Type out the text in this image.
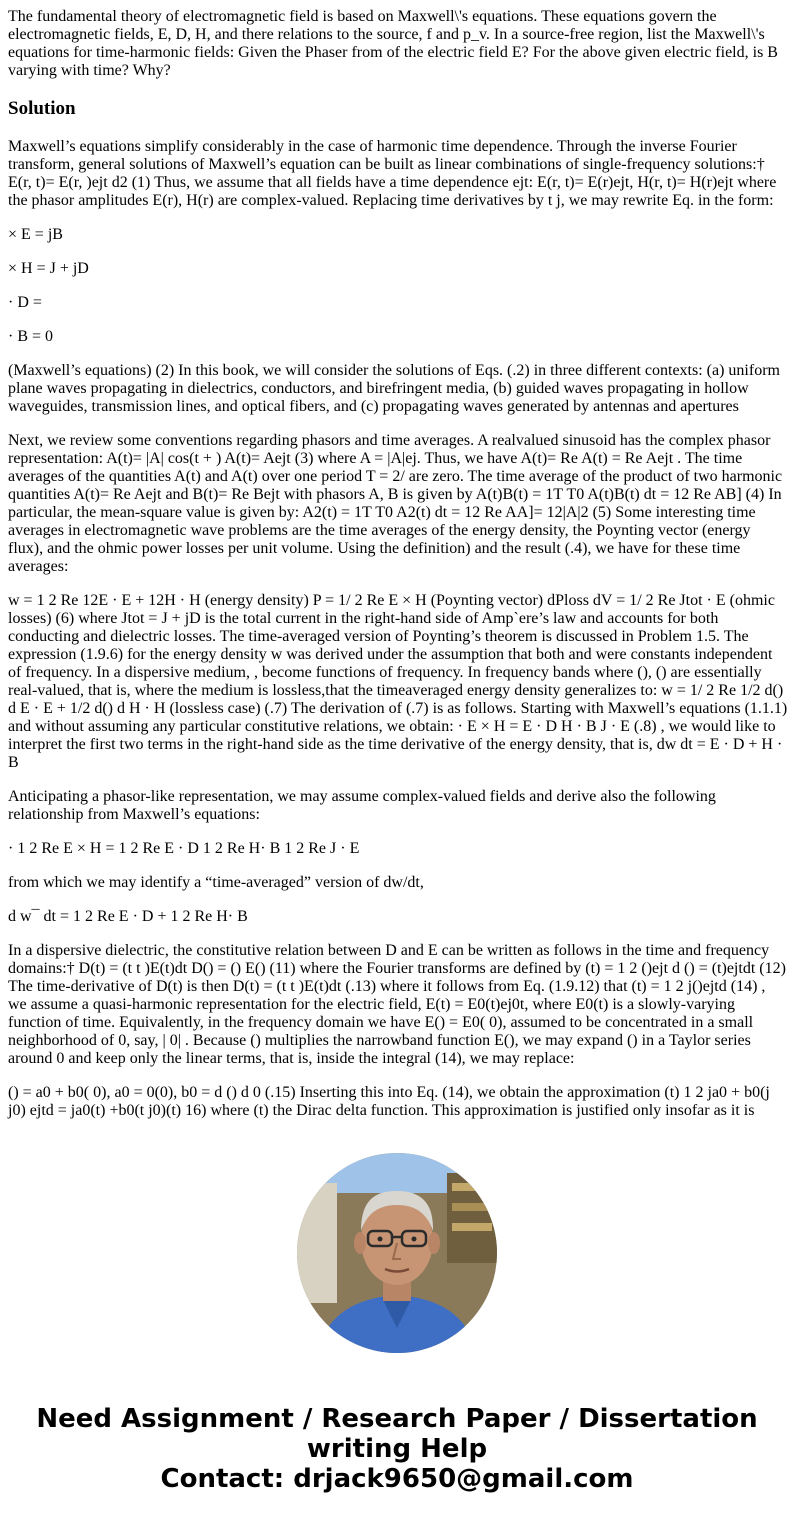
The fundamental theory of electromagnetic field is based on Maxwell\'s equations. These equations govern the electromagnetic fields, E, D, H, and there relations to the source, f and p_v. In a source-free region, list the Maxwell\'s equations for time-harmonic fields: Given the Phaser from of the electric field E? For the above given electric field, is B varying with time? Why?

Solution

Maxwell’s equations simplify considerably in the case of harmonic time dependence. Through the inverse Fourier transform, general solutions of Maxwell’s equation can be built as linear combinations of single-frequency solutions:† E(r, t)= E(r, )ejt d2 (1) Thus, we assume that all fields have a time dependence ejt: E(r, t)= E(r)ejt, H(r, t)= H(r)ejt where the phasor amplitudes E(r), H(r) are complex-valued. Replacing time derivatives by t j, we may rewrite Eq. in the form:

× E = jB

× H = J + jD

· D =

· B = 0

(Maxwell’s equations) (2) In this book, we will consider the solutions of Eqs. (.2) in three different contexts: (a) uniform plane waves propagating in dielectrics, conductors, and birefringent media, (b) guided waves propagating in hollow waveguides, transmission lines, and optical fibers, and (c) propagating waves generated by antennas and apertures

Next, we review some conventions regarding phasors and time averages. A realvalued sinusoid has the complex phasor representation: A(t)= |A| cos(t + ) A(t)= Aejt (3) where A = |A|ej. Thus, we have A(t)= Re A(t) = Re Aejt . The time averages of the quantities A(t) and A(t) over one period T = 2/ are zero. The time average of the product of two harmonic quantities A(t)= Re Aejt and B(t)= Re Bejt with phasors A, B is given by A(t)B(t) = 1T T0 A(t)B(t) dt = 12 Re AB] (4) In particular, the mean-square value is given by: A2(t) = 1T T0 A2(t) dt = 12 Re AA]= 12|A|2 (5) Some interesting time averages in electromagnetic wave problems are the time averages of the energy density, the Poynting vector (energy flux), and the ohmic power losses per unit volume. Using the definition) and the result (.4), we have for these time averages:

w = 1 2 Re 12E · E + 12H · H (energy density) P = 1/ 2 Re E × H (Poynting vector) dPloss dV = 1/ 2 Re Jtot · E (ohmic losses) (6) where Jtot = J + jD is the total current in the right-hand side of Amp`ere’s law and accounts for both conducting and dielectric losses. The time-averaged version of Poynting’s theorem is discussed in Problem 1.5. The expression (1.9.6) for the energy density w was derived under the assumption that both and were constants independent of frequency. In a dispersive medium, , become functions of frequency. In frequency bands where (), () are essentially real-valued, that is, where the medium is lossless,that the timeaveraged energy density generalizes to: w = 1/ 2 Re 1/2 d() d E · E + 1/2 d() d H · H (lossless case) (.7) The derivation of (.7) is as follows. Starting with Maxwell’s equations (1.1.1) and without assuming any particular constitutive relations, we obtain: · E × H = E · D H · B J · E (.8) , we would like to interpret the first two terms in the right-hand side as the time derivative of the energy density, that is, dw dt = E · D + H · B

Anticipating a phasor-like representation, we may assume complex-valued fields and derive also the following relationship from Maxwell’s equations:

· 1 2 Re E × H = 1 2 Re E · D 1 2 Re H· B 1 2 Re J · E

from which we may identify a “time-averaged” version of dw/dt,

d w¯ dt = 1 2 Re E · D + 1 2 Re H· B

In a dispersive dielectric, the constitutive relation between D and E can be written as follows in the time and frequency domains:† D(t) = (t t )E(t)dt D() = () E() (11) where the Fourier transforms are defined by (t) = 1 2 ()ejt d () = (t)ejtdt (12) The time-derivative of D(t) is then D(t) = (t t )E(t)dt (.13) where it follows from Eq. (1.9.12) that (t) = 1 2 j()ejtd (14) , we assume a quasi-harmonic representation for the electric field, E(t) = E0(t)ej0t, where E0(t) is a slowly-varying function of time. Equivalently, in the frequency domain we have E() = E0( 0), assumed to be concentrated in a small neighborhood of 0, say, | 0| . Because () multiplies the narrowband function E(), we may expand () in a Taylor series around 0 and keep only the linear terms, that is, inside the integral (14), we may replace:

() = a0 + b0( 0), a0 = 0(0), b0 = d () d 0 (.15) Inserting this into Eq. (14), we obtain the approximation (t) 1 2 ja0 + b0(j j0) ejtd = ja0(t) +b0(t j0)(t) 16) where (t) the Dirac delta function. This approximation is justified only insofar as it is

Need Assignment / Research Paper / Dissertation
writing Help
Contact: drjack9650@gmail.com
